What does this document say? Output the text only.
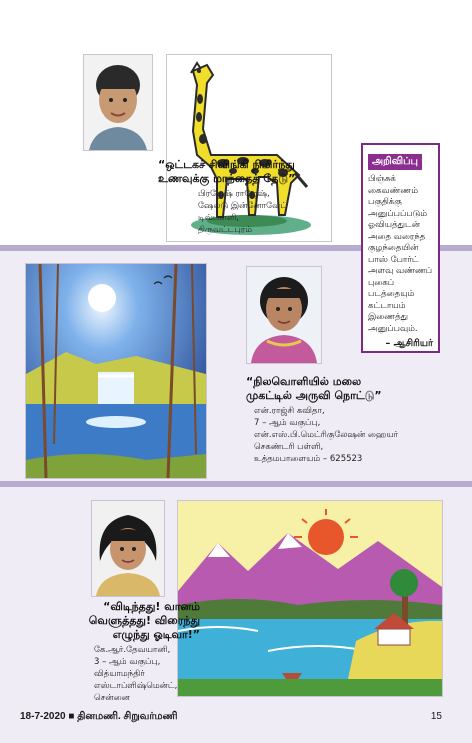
“ஒட்டகச் சிவிங்கி நிமிர்ந்து உணவுக்கு மாந்தைத் தேடு”
பிரஜேஷ் ராஜேஷ்,
ஷேல்டு இன்னோவேட் டிவ்பள்ளி,
திருவட்டபுரம்
அறிவிப்பு
பிஞ்சுக் கைவண்ணம் பகுதிக்கு அனுப்பப்படும் ஓவியத்துடன் அதை வரைந்த குழந்தையின் பாஸ் போர்ட் அளவு வண்ணப் புகைப் படத்தையும் கட்டாயம் இணைத்து அனுப்பவும்.
– ஆசிரியர்
“நிலவொளியில் மலை முகட்டில் அருவி நொட்டு”
என்.ராஜ்சி கவிதா,
7 – ஆம் வகுப்பு,
என்.எஸ்.பி.மெட்ரிகுலேஷன் ஹையர் செகண்டரி பள்ளி,
உத்தமபாளையம் – 625523
“விடிந்தது! வானம் வெளுத்தது! விரைந்து எழுந்து ஓடிவா!”
கே.ஆர்.தேவயானி,
3 – ஆம் வகுப்பு,
வித்யாமந்திர் எஸ்டாப்ளிஷ்மென்ட்,
சென்னை
18-7-2020 ■ தினமணி. சிறுவர்மணி	15
